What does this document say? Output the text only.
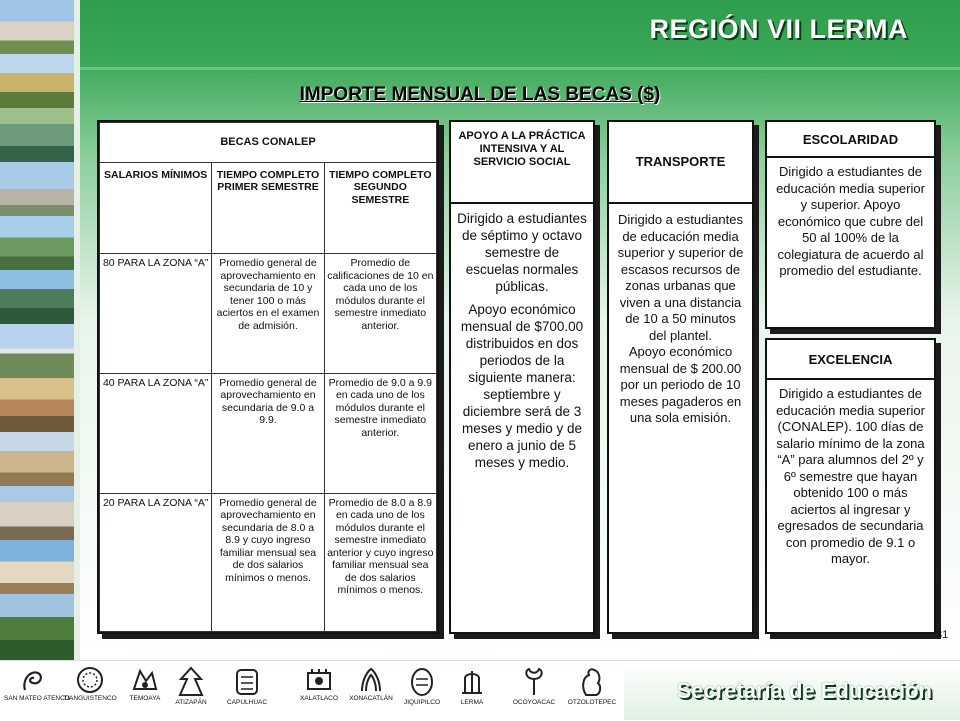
REGIÓN VII LERMA
IMPORTE MENSUAL DE LAS BECAS ($)
BECAS CONALEP		
SALARIOS MÍNIMOS	TIEMPO COMPLETO PRIMER SEMESTRE	TIEMPO COMPLETO SEGUNDO SEMESTRE
80 PARA LA ZONA “A”	Promedio general de aprovechamiento en secundaria de 10 y tener 100 o más aciertos en el examen de admisión.	Promedio de calificaciones de 10 en cada uno de los módulos durante el semestre inmediato anterior.
40 PARA LA ZONA “A”	Promedio general de aprovechamiento en secundaria de 9.0 a 9.9.	Promedio de 9.0 a 9.9 en cada uno de los módulos durante el semestre inmediato anterior.
20 PARA LA ZONA “A”	Promedio general de aprovechamiento en secundaria de 8.0 a 8.9 y cuyo ingreso familiar mensual sea de dos salarios mínimos o menos.	Promedio de 8.0 a 8.9 en cada uno de los módulos durante el semestre inmediato anterior y cuyo ingreso familiar mensual sea de dos salarios mínimos o menos.
APOYO A LA PRÁCTICA INTENSIVA Y AL SERVICIO SOCIAL

Dirigido a estudiantes de séptimo y octavo semestre de escuelas normales públicas.

Apoyo económico mensual de $700.00 distribuidos en dos periodos de la siguiente manera: septiembre y diciembre será de 3 meses y medio y de enero a junio de 5 meses y medio.

TRANSPORTE

Dirigido a estudiantes de educación media superior y superior de escasos recursos de zonas urbanas que viven a una distancia de 10 a 50 minutos del plantel.

Apoyo económico mensual de $ 200.00 por un periodo de 10 meses pagaderos en una sola emisión.

ESCOLARIDAD
Dirigido a estudiantes de educación media superior y superior. Apoyo económico que cubre del 50 al 100% de la colegiatura de acuerdo al promedio del estudiante.
EXCELENCIA
Dirigido a estudiantes de educación media superior (CONALEP). 100 días de salario mínimo de la zona “A” para alumnos del 2º y 6º semestre que hayan obtenido 100 o más aciertos al ingresar y egresados de secundaria con promedio de 9.1 o mayor.
31
SAN MATEO ATENCO
TIANGUISTENCO	TEMOAYA
ATIZAPÁN	CAPULHUAC
XALATLACO	XONACATLÁN
JIQUIPILCO	LERMA	OCOYOACAC	OTZOLOTEPEC	Secretaría de Educación
